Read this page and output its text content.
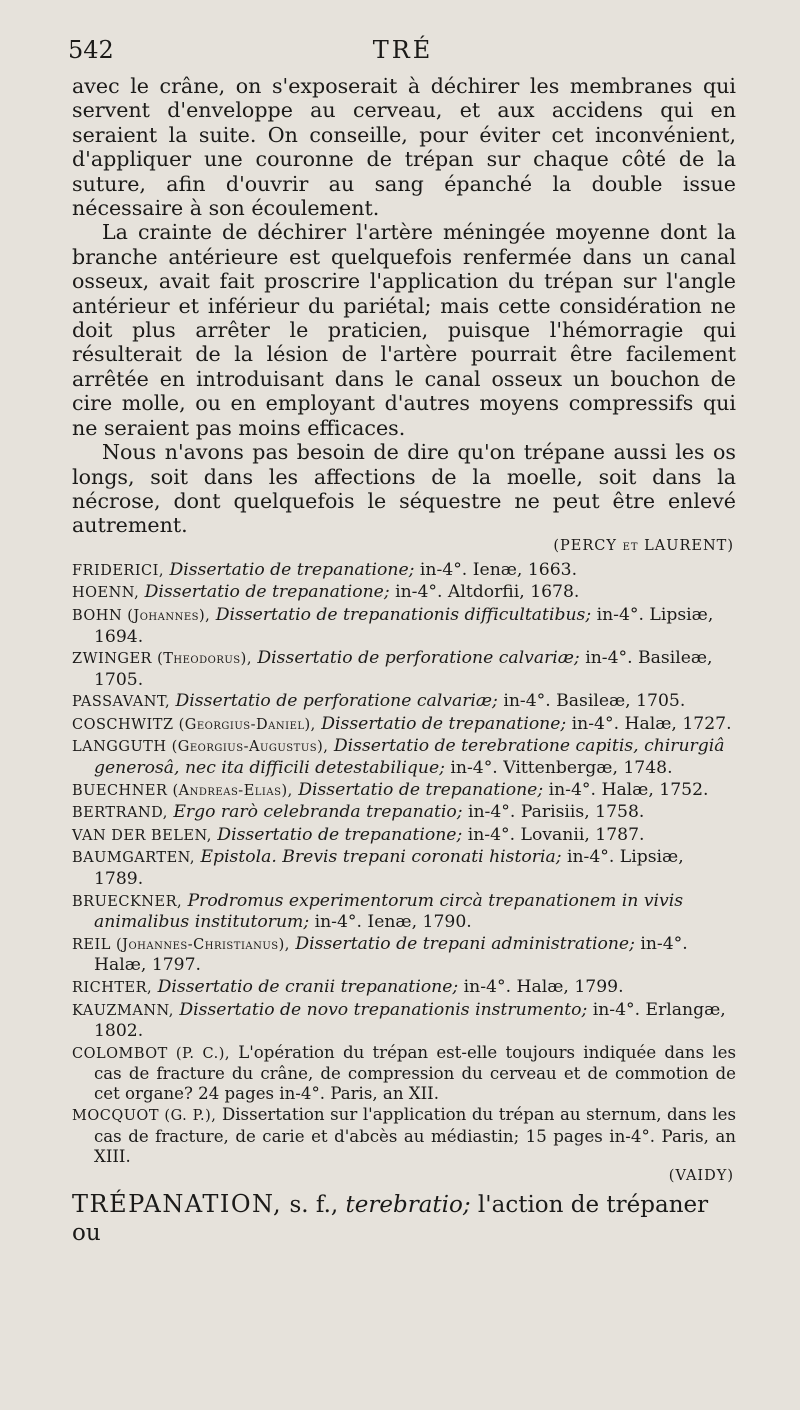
542	TRÉ

avec le crâne, on s'exposerait à déchirer les membranes qui servent d'enveloppe au cerveau, et aux accidens qui en seraient la suite. On conseille, pour éviter cet inconvénient, d'appliquer une couronne de trépan sur chaque côté de la suture, afin d'ouvrir au sang épanché la double issue nécessaire à son écoulement.

La crainte de déchirer l'artère méningée moyenne dont la branche antérieure est quelquefois renfermée dans un canal osseux, avait fait proscrire l'application du trépan sur l'angle antérieur et inférieur du pariétal; mais cette considération ne doit plus arrêter le praticien, puisque l'hémorragie qui résulterait de la lésion de l'artère pourrait être facilement arrêtée en introduisant dans le canal osseux un bouchon de cire molle, ou en employant d'autres moyens compressifs qui ne seraient pas moins efficaces.

Nous n'avons pas besoin de dire qu'on trépane aussi les os longs, soit dans les affections de la moelle, soit dans la nécrose, dont quelquefois le séquestre ne peut être enlevé autrement.

(PERCY et LAURENT)

FRIDERICI, Dissertatio de trepanatione; in-4°. Ienæ, 1663.

HOENN, Dissertatio de trepanatione; in-4°. Altdorfii, 1678.

BOHN (Johannes), Dissertatio de trepanationis difficultatibus; in-4°. Lipsiæ, 1694.

ZWINGER (Theodorus), Dissertatio de perforatione calvariæ; in-4°. Basileæ, 1705.

PASSAVANT, Dissertatio de perforatione calvariæ; in-4°. Basileæ, 1705.

COSCHWITZ (Georgius-Daniel), Dissertatio de trepanatione; in-4°. Halæ, 1727.

LANGGUTH (Georgius-Augustus), Dissertatio de terebratione capitis, chirurgiâ generosâ, nec ita difficili detestabilique; in-4°. Vittenbergæ, 1748.

BUECHNER (Andreas-Elias), Dissertatio de trepanatione; in-4°. Halæ, 1752.

BERTRAND, Ergo rarò celebranda trepanatio; in-4°. Parisiis, 1758.

VAN DER BELEN, Dissertatio de trepanatione; in-4°. Lovanii, 1787.

BAUMGARTEN, Epistola. Brevis trepani coronati historia; in-4°. Lipsiæ, 1789.

BRUECKNER, Prodromus experimentorum circà trepanationem in vivis animalibus institutorum; in-4°. Ienæ, 1790.

REIL (Johannes-Christianus), Dissertatio de trepani administratione; in-4°. Halæ, 1797.

RICHTER, Dissertatio de cranii trepanatione; in-4°. Halæ, 1799.

KAUZMANN, Dissertatio de novo trepanationis instrumento; in-4°. Erlangæ, 1802.

COLOMBOT (P. C.), L'opération du trépan est-elle toujours indiquée dans les cas de fracture du crâne, de compression du cerveau et de commotion de cet organe? 24 pages in-4°. Paris, an XII.

MOCQUOT (G. P.), Dissertation sur l'application du trépan au sternum, dans les cas de fracture, de carie et d'abcès au médiastin; 15 pages in-4°. Paris, an XIII.

(VAIDY)

TRÉPANATION, s. f., terebratio; l'action de trépaner ou
